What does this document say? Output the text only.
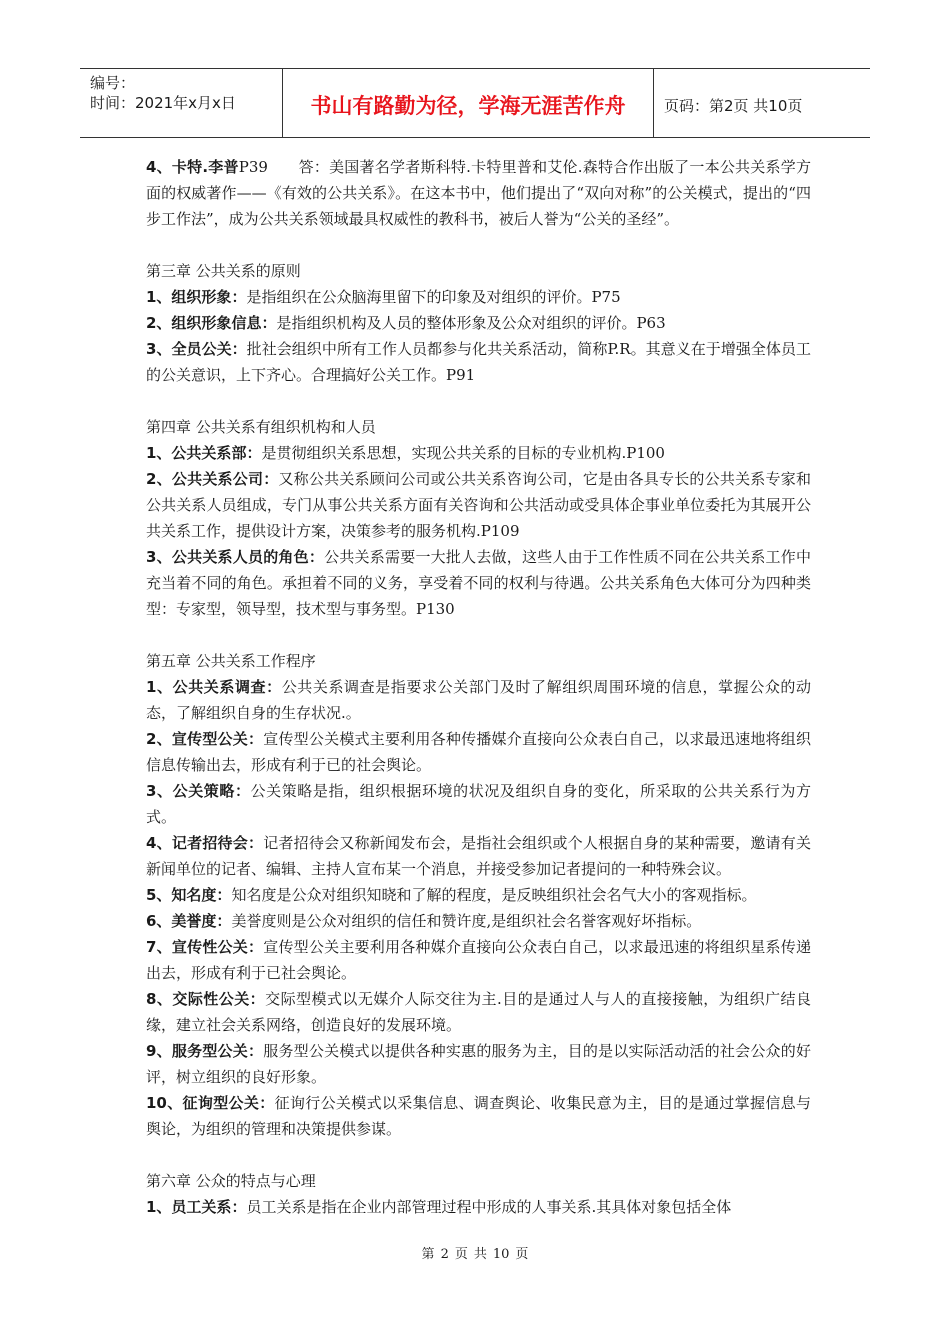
编号：
时间：2021年x月x日	书山有路勤为径，学海无涯苦作舟	页码：第2页 共10页

4、卡特.李普P39　　答：美国著名学者斯科特.卡特里普和艾伦.森特合作出版了一本公共关系学方面的权威著作——《有效的公共关系》。在这本书中，他们提出了“双向对称”的公关模式，提出的“四步工作法”，成为公共关系领域最具权威性的教科书，被后人誉为“公关的圣经”。

第三章 公共关系的原则

1、组织形象：是指组织在公众脑海里留下的印象及对组织的评价。P75

2、组织形象信息：是指组织机构及人员的整体形象及公众对组织的评价。P63

3、全员公关：批社会组织中所有工作人员都参与化共关系活动，简称P.R。其意义在于增强全体员工的公关意识，上下齐心。合理搞好公关工作。P91

第四章 公共关系有组织机构和人员

1、公共关系部：是贯彻组织关系思想，实现公共关系的目标的专业机构.P100

2、公共关系公司：又称公共关系顾问公司或公共关系咨询公司，它是由各具专长的公共关系专家和公共关系人员组成，专门从事公共关系方面有关咨询和公共活动或受具体企事业单位委托为其展开公共关系工作，提供设计方案，决策参考的服务机构.P109

3、公共关系人员的角色：公共关系需要一大批人去做，这些人由于工作性质不同在公共关系工作中充当着不同的角色。承担着不同的义务，享受着不同的权利与待遇。公共关系角色大体可分为四种类型：专家型，领导型，技术型与事务型。P130

第五章 公共关系工作程序

1、公共关系调查：公共关系调查是指要求公关部门及时了解组织周围环境的信息，掌握公众的动态，了解组织自身的生存状况.。

2、宣传型公关：宣传型公关模式主要利用各种传播媒介直接向公众表白自己，以求最迅速地将组织信息传输出去，形成有利于已的社会舆论。

3、公关策略：公关策略是指，组织根据环境的状况及组织自身的变化，所采取的公共关系行为方式。

4、记者招待会：记者招待会又称新闻发布会，是指社会组织或个人根据自身的某种需要，邀请有关新闻单位的记者、编辑、主持人宣布某一个消息，并接受参加记者提问的一种特殊会议。

5、知名度：知名度是公众对组织知晓和了解的程度，是反映组织社会名气大小的客观指标。

6、美誉度：美誉度则是公众对组织的信任和赞许度,是组织社会名誉客观好坏指标。

7、宣传性公关：宣传型公关主要利用各种媒介直接向公众表白自己，以求最迅速的将组织星系传递出去，形成有利于已社会舆论。

8、交际性公关：交际型模式以无媒介人际交往为主.目的是通过人与人的直接接触，为组织广结良缘，建立社会关系网络，创造良好的发展环境。

9、服务型公关：服务型公关模式以提供各种实惠的服务为主，目的是以实际活动活的社会公众的好评，树立组织的良好形象。

10、征询型公关：征询行公关模式以采集信息、调查舆论、收集民意为主，目的是通过掌握信息与舆论，为组织的管理和决策提供参谋。

第六章 公众的特点与心理

1、员工关系：员工关系是指在企业内部管理过程中形成的人事关系.其具体对象包括全体

第 2 页 共 10 页
